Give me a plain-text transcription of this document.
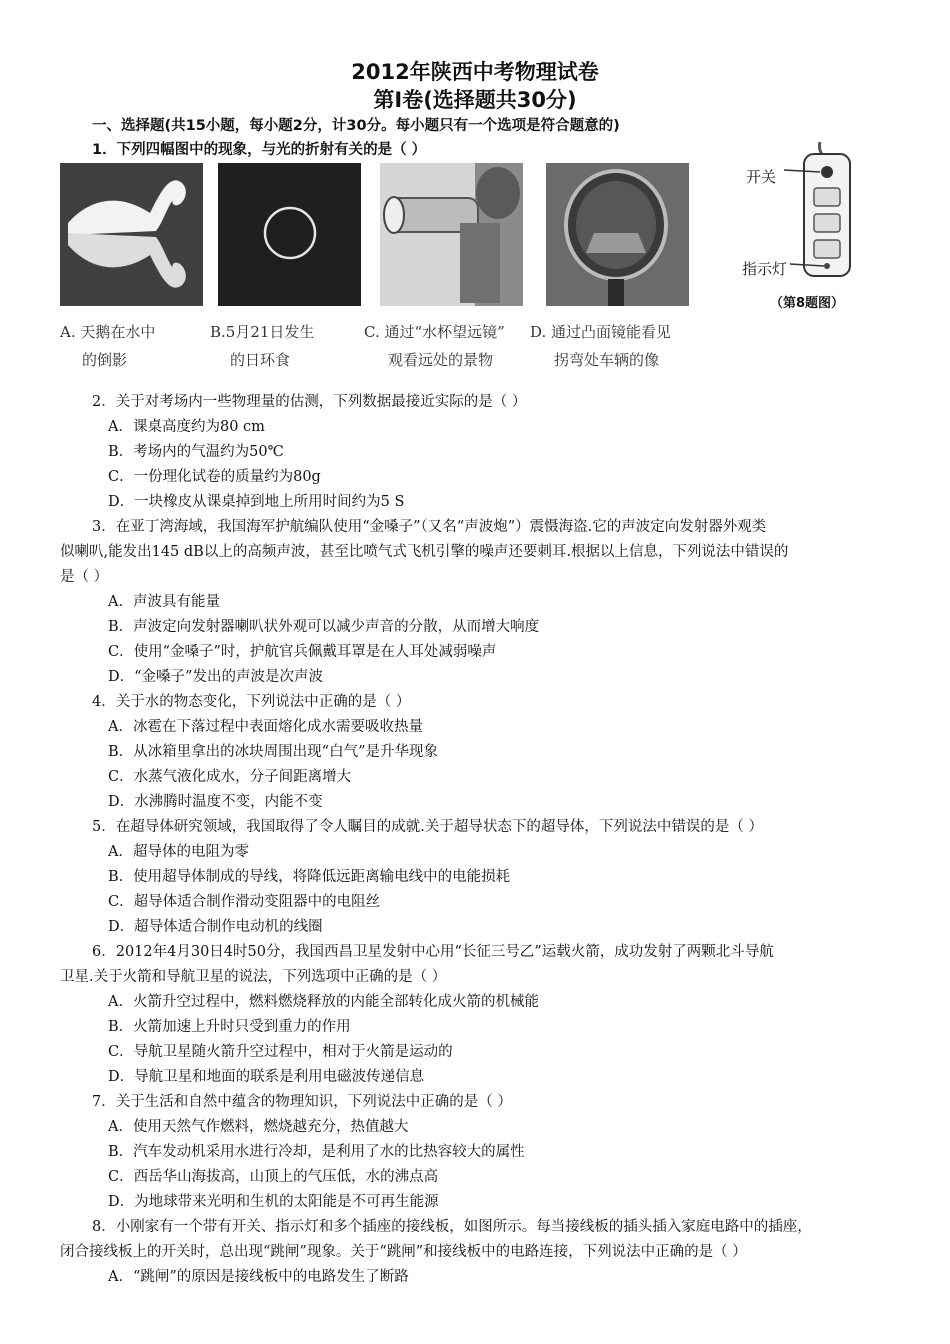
2012年陕西中考物理试卷
第Ⅰ卷(选择题共30分)
一、选择题(共15小题，每小题2分，计30分。每小题只有一个选项是符合题意的)
1．下列四幅图中的现象，与光的折射有关的是（ ）
A. 天鹅在水中
的倒影
B.5月21日发生
的日环食
C. 通过“水杯望远镜”
观看远处的景物
D. 通过凸面镜能看见
拐弯处车辆的像
开关
指示灯
（第8题图）
2．关于对考场内一些物理量的估测，下列数据最接近实际的是（ ）
A．课桌高度约为80 cm
B．考场内的气温约为50℃
C．一份理化试卷的质量约为80g
D．一块橡皮从课桌掉到地上所用时间约为5 S
3．在亚丁湾海域，我国海军护航编队使用“金嗓子”（又名“声波炮”）震慑海盗.它的声波定向发射器外观类
似喇叭,能发出145 dB以上的高频声波，甚至比喷气式飞机引擎的噪声还要刺耳.根据以上信息，下列说法中错误的
是（ ）
A．声波具有能量
B．声波定向发射器喇叭状外观可以减少声音的分散，从而增大响度
C．使用“金嗓子”时，护航官兵佩戴耳罩是在人耳处减弱噪声
D．“金嗓子”发出的声波是次声波
4．关于水的物态变化，下列说法中正确的是（ ）
A．冰雹在下落过程中表面熔化成水需要吸收热量
B．从冰箱里拿出的冰块周围出现“白气”是升华现象
C．水蒸气液化成水，分子间距离增大
D．水沸腾时温度不变，内能不变
5．在超导体研究领域，我国取得了令人瞩目的成就.关于超导状态下的超导体，下列说法中错误的是（ ）
A．超导体的电阻为零
B．使用超导体制成的导线，将降低远距离输电线中的电能损耗
C．超导体适合制作滑动变阻器中的电阻丝
D．超导体适合制作电动机的线圈
6．2012年4月30日4时50分，我国西昌卫星发射中心用“长征三号乙”运载火箭，成功发射了两颗北斗导航
卫星.关于火箭和导航卫星的说法，下列选项中正确的是（ ）
A．火箭升空过程中，燃料燃烧释放的内能全部转化成火箭的机械能
B．火箭加速上升时只受到重力的作用
C．导航卫星随火箭升空过程中，相对于火箭是运动的
D．导航卫星和地面的联系是利用电磁波传递信息
7．关于生活和自然中蕴含的物理知识，下列说法中正确的是（ ）
A．使用天然气作燃料，燃烧越充分，热值越大
B．汽车发动机采用水进行冷却，是利用了水的比热容较大的属性
C．西岳华山海拔高，山顶上的气压低，水的沸点高
D．为地球带来光明和生机的太阳能是不可再生能源
8．小刚家有一个带有开关、指示灯和多个插座的接线板，如图所示。每当接线板的插头插入家庭电路中的插座，
闭合接线板上的开关时，总出现“跳闸”现象。关于“跳闸”和接线板中的电路连接，下列说法中正确的是（ ）
A．“跳闸”的原因是接线板中的电路发生了断路
